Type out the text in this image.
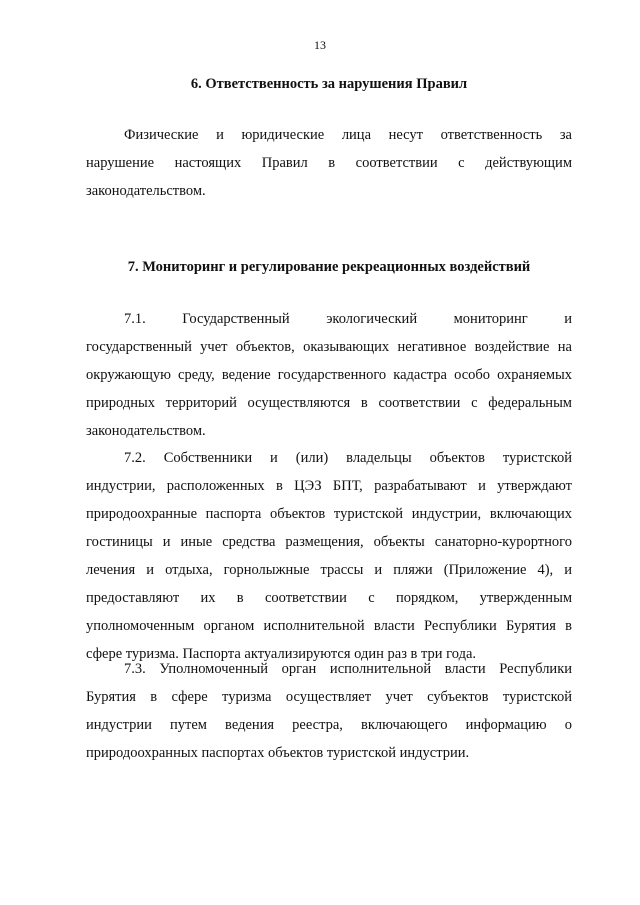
13
6. Ответственность за нарушения Правил
Физические и юридические лица несут ответственность за
нарушение настоящих Правил в соответствии с действующим
законодательством.
7. Мониторинг и регулирование рекреационных воздействий
7.1. Государственный экологический мониторинг и
государственный учет объектов, оказывающих негативное воздействие на
окружающую среду, ведение государственного кадастра особо охраняемых
природных территорий осуществляются в соответствии с федеральным
законодательством.
7.2. Собственники и (или) владельцы объектов туристской
индустрии, расположенных в ЦЭЗ БПТ, разрабатывают и утверждают
природоохранные паспорта объектов туристской индустрии, включающих
гостиницы и иные средства размещения, объекты санаторно-курортного
лечения и отдыха, горнолыжные трассы и пляжи (Приложение 4), и
предоставляют их в соответствии с порядком, утвержденным
уполномоченным органом исполнительной власти Республики Бурятия в
сфере туризма. Паспорта актуализируются один раз в три года.
7.3. Уполномоченный орган исполнительной власти Республики
Бурятия в сфере туризма осуществляет учет субъектов туристской
индустрии путем ведения реестра, включающего информацию о
природоохранных паспортах объектов туристской индустрии.
